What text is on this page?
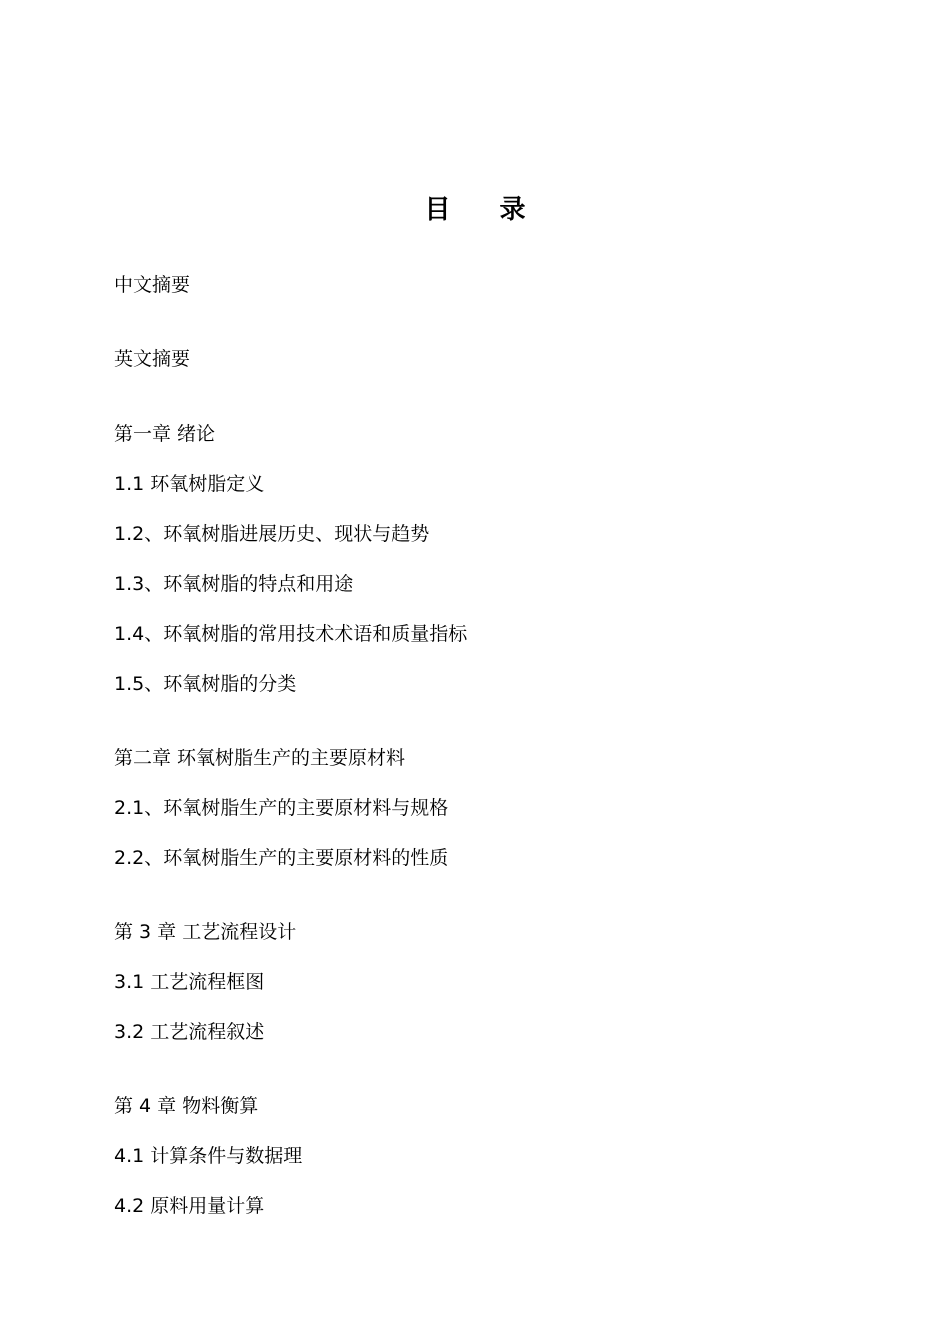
目 录
中文摘要
英文摘要
第一章 绪论
1.1 环氧树脂定义
1.2、环氧树脂进展历史、现状与趋势
1.3、环氧树脂的特点和用途
1.4、环氧树脂的常用技术术语和质量指标
1.5、环氧树脂的分类
第二章 环氧树脂生产的主要原材料
2.1、环氧树脂生产的主要原材料与规格
2.2、环氧树脂生产的主要原材料的性质
第 3 章 工艺流程设计
3.1 工艺流程框图
3.2 工艺流程叙述
第 4 章 物料衡算
4.1 计算条件与数据理
4.2 原料用量计算
